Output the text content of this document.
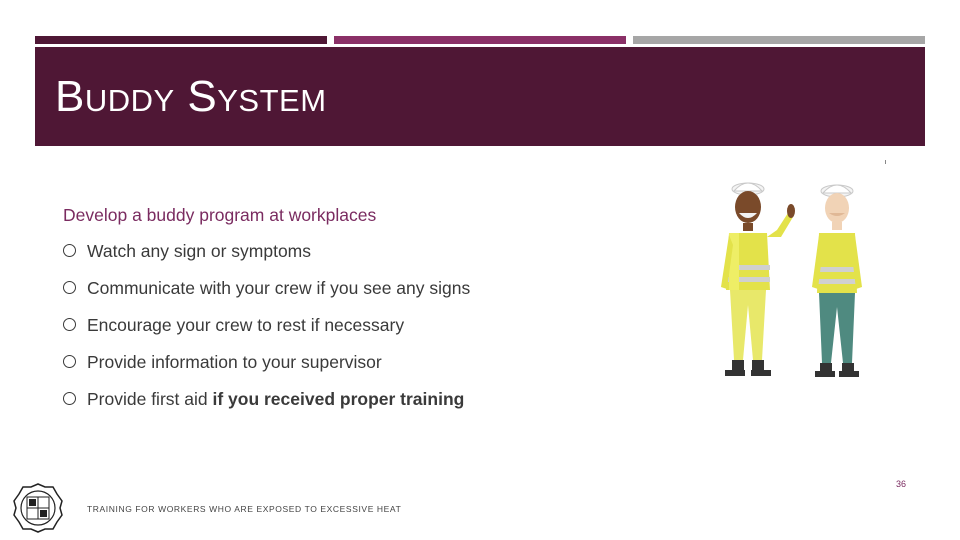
Buddy System

Develop a buddy program at workplaces

Watch any sign or symptoms
Communicate with your crew if you see any signs
Encourage your crew to rest if necessary
Provide information to your supervisor
Provide first aid if you received proper training
36
TRAINING FOR WORKERS WHO ARE EXPOSED TO EXCESSIVE HEAT
